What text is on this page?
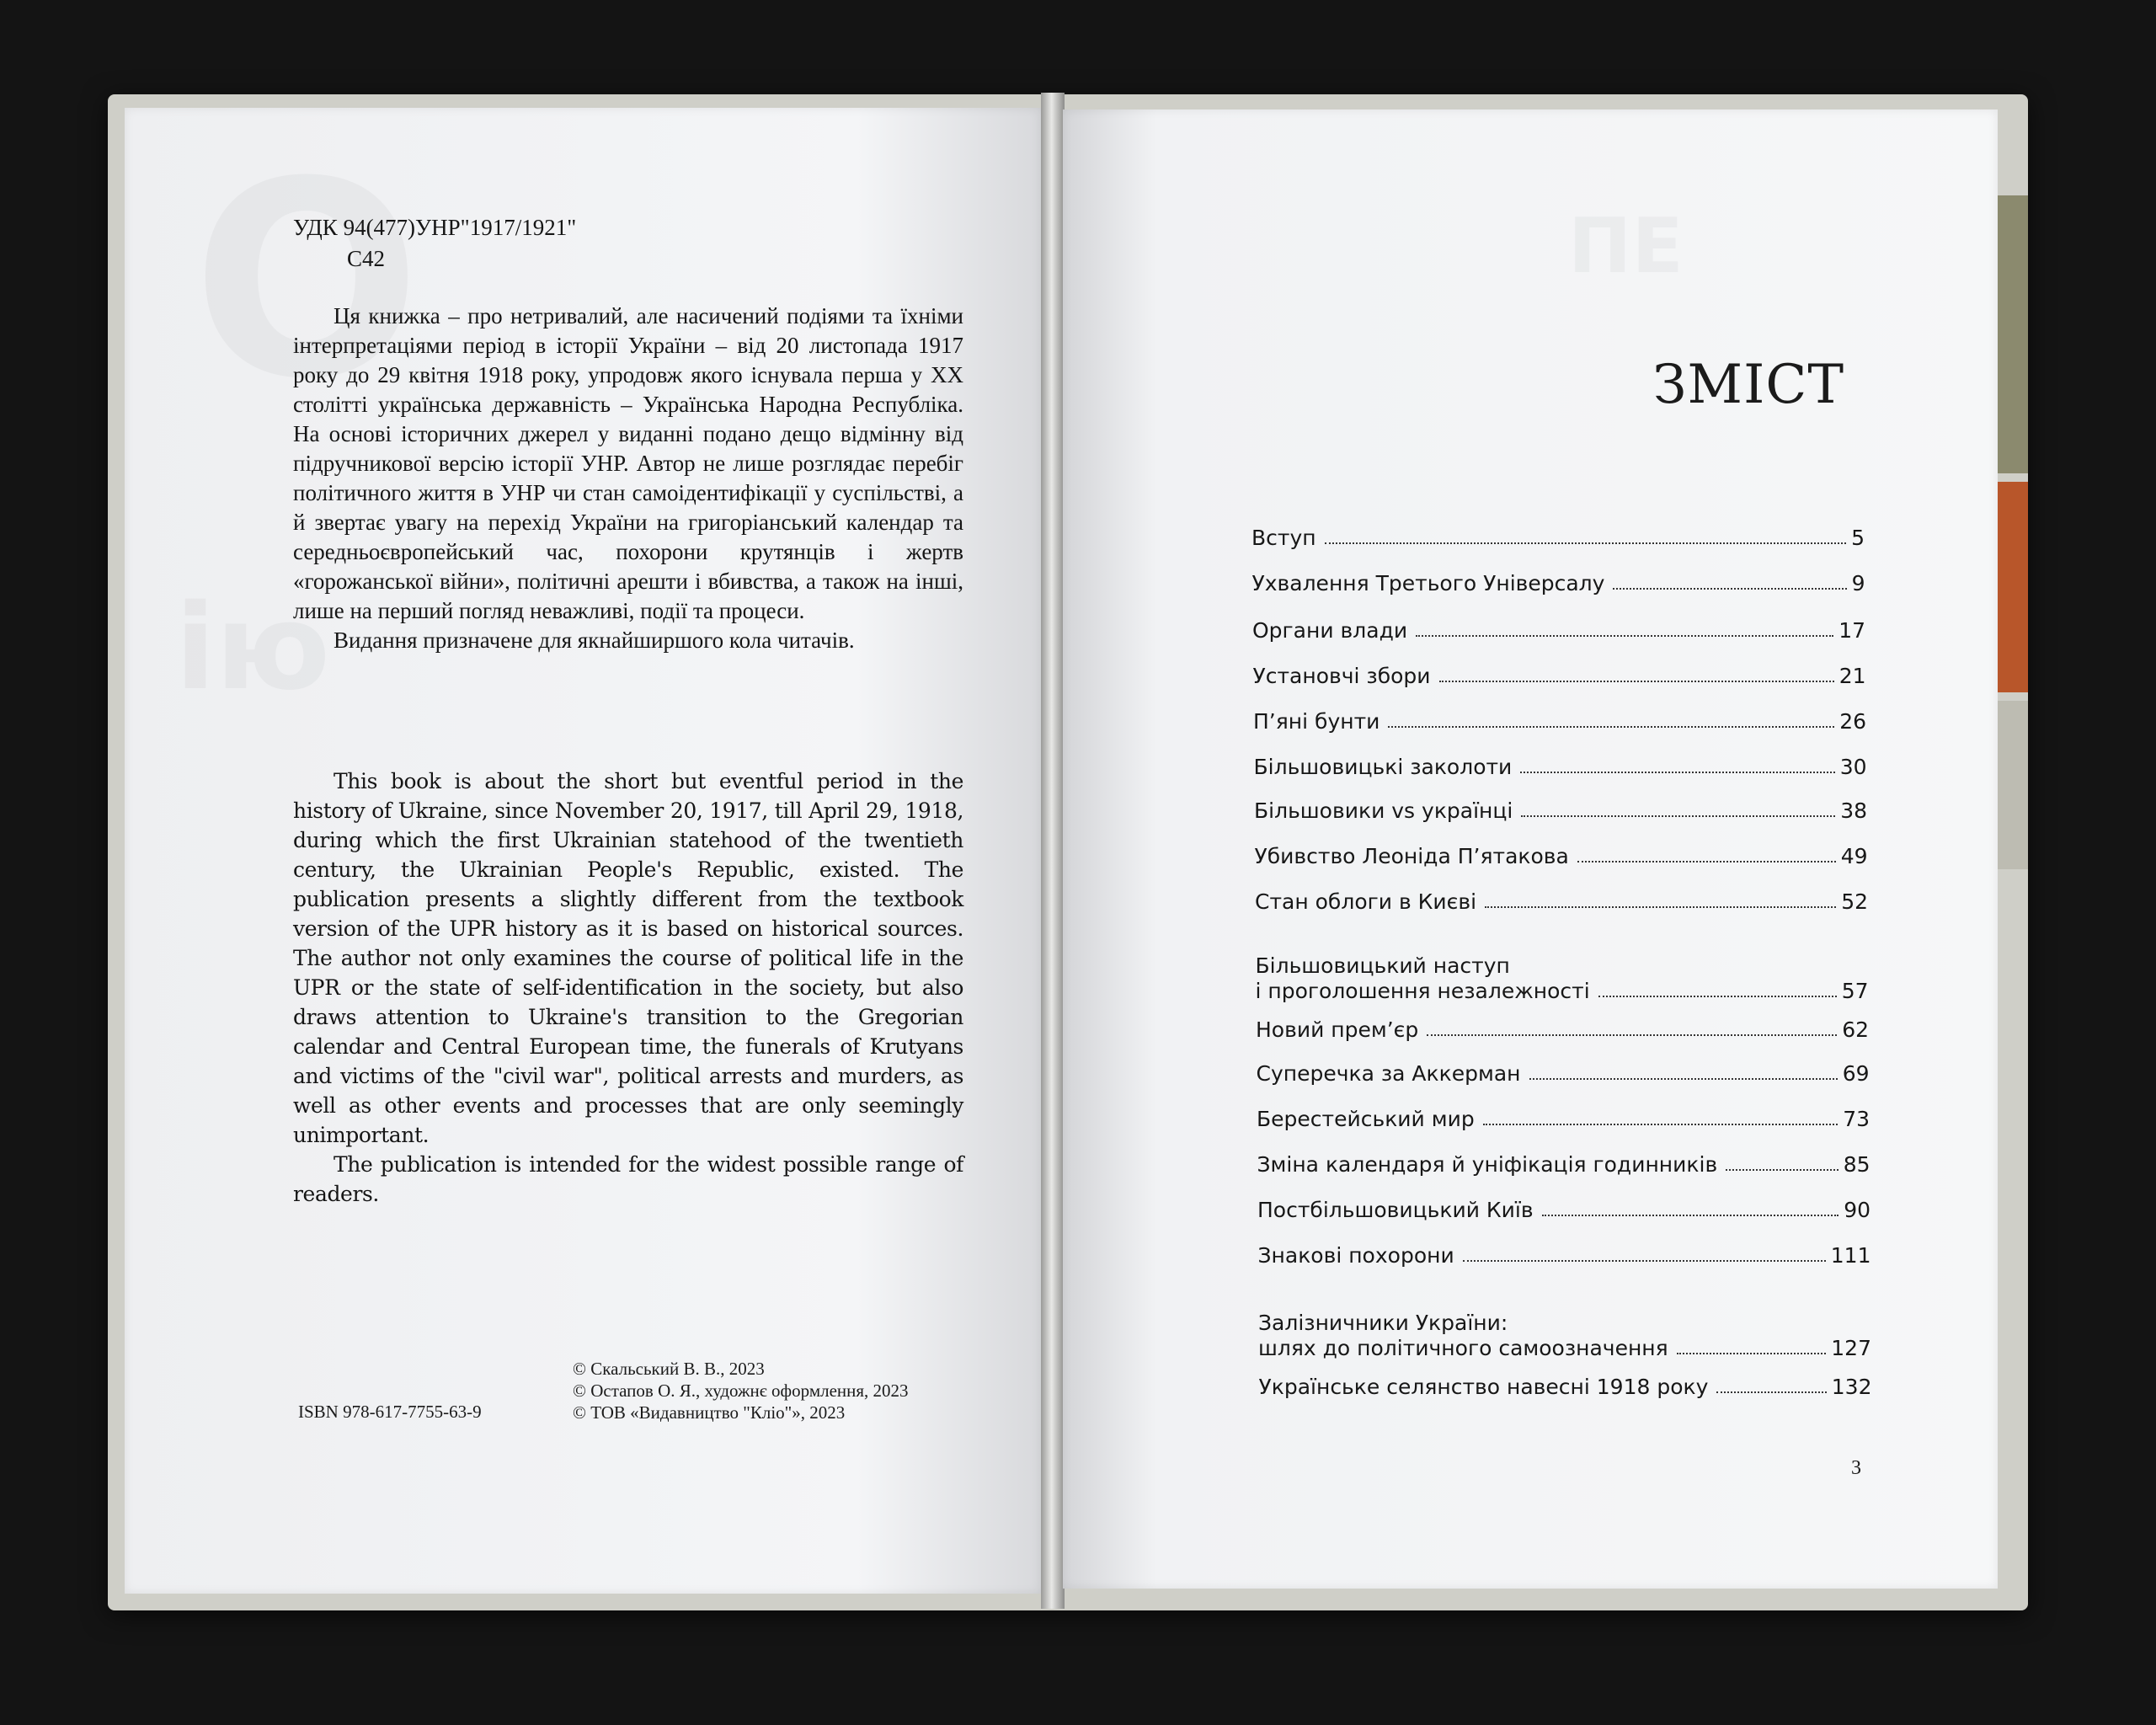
УДК 94(477)УНР"1917/1921"
С42

Ця книжка – про нетривалий, але насичений подіями та їхніми інтерпретаціями період в історії України – від 20 листопада 1917 року до 29 квітня 1918 року, упродовж якого існувала перша у ХХ столітті українська державність – Українська Народна Республіка. На основі історичних джерел у виданні подано дещо відмінну від підручникової версію історії УНР. Автор не лише розглядає перебіг політичного життя в УНР чи стан самоідентифікації у суспільстві, а й звертає увагу на перехід України на григоріанський календар та середньоєвропейський час, похорони крутянців і жертв «горожанської війни», політичні арешти і вбивства, а також на інші, лише на перший погляд неважливі, події та процеси.

Видання призначене для якнайширшого кола читачів.

This book is about the short but eventful period in the history of Ukraine, since November 20, 1917, till April 29, 1918, during which the first Ukrainian statehood of the twentieth century, the Ukrainian People's Republic, existed. The publication presents a slightly different from the textbook version of the UPR history as it is based on historical sources. The author not only examines the course of political life in the UPR or the state of self-identification in the society, but also draws attention to Ukraine's transition to the Gregorian calendar and Central European time, the funerals of Krutyans and victims of the "civil war", political arrests and murders, as well as other events and processes that are only seemingly unimportant.

The publication is intended for the widest possible range of readers.

ISBN 978-617-7755-63-9
© Скальський В. В., 2023
© Остапов О. Я., художнє оформлення, 2023
© ТОВ «Видавництво "Кліо"», 2023
ЗМІСТ
Вступ	5
Ухвалення Третього Універсалу	9
Органи влади	17
Установчі збори	21
П’яні бунти	26
Більшовицькі заколоти	30
Більшовики vs українці	38
Убивство Леоніда П’ятакова	49
Стан облоги в Києві	52
Більшовицький наступ
і проголошення незалежності	57
Новий прем’єр	62
Суперечка за Аккерман	69
Берестейський мир	73
Зміна календаря й уніфікація годинників	85
Постбільшовицький Київ	90
Знакові похорони	111
Залізничники України:
шлях до політичного самоозначення	127
Українське селянство навесні 1918 року	132
3
